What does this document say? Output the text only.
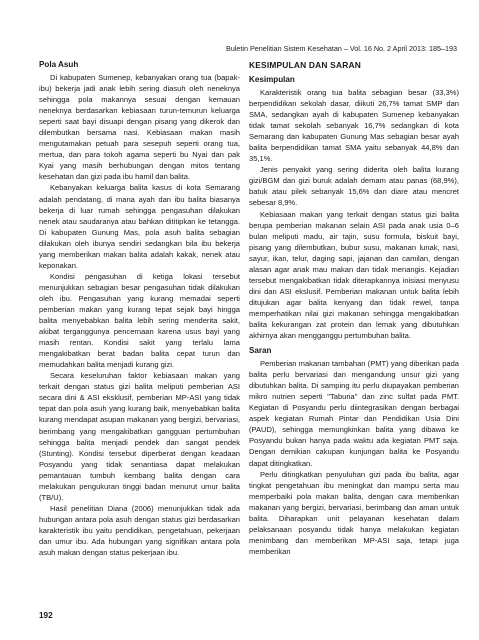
Buletin Penelitian Sistem Kesehatan – Vol. 16 No. 2 April 2013: 185–193
Pola Asuh

Di kabupaten Sumenep, kebanyakan orang tua (bapak-ibu) bekerja jadi anak lebih sering diasuh oleh neneknya sehingga pola makannya sesuai dengan kemauan neneknya berdasarkan kebiasaan turun-temurun keluarga seperti saat bayi disuapi dengan pisang yang dikerok dan dilembutkan bersama nasi. Kebiasaan makan masih mengutamakan petuah para sesepuh seperti orang tua, mertua, dan para tokoh agama seperti bu Nyai dan pak Kyai yang masih berhubungan dengan mitos tentang kesehatan dan gizi pada ibu hamil dan balita.

Kebanyakan keluarga balita kasus di kota Semarang adalah pendatang, di mana ayah dan ibu balita biasanya bekerja di luar rumah sehingga pengasuhan dilakukan nenek atau saudaranya atau bahkan dititipkan ke tetangga. Di kabupaten Gunung Mas, pola asuh balita sebagian dilakukan oleh ibunya sendiri sedangkan bila ibu bekerja yang memberikan makan balita adalah kakak, nenek atau keponakan.

Kondisi pengasuhan di ketiga lokasi tersebut menunjukkan sebagian besar pengasuhan tidak dilakukan oleh ibu. Pengasuhan yang kurang memadai seperti pemberian makan yang kurang tepat sejak bayi hingga balita menyebabkan balita lebih sering menderita sakit, akibat terganggunya pencernaan karena usus bayi yang masih rentan. Kondisi sakit yang terlalu lama mengakibatkan berat badan balita cepat turun dan memudahkan balita menjadi kurang gizi.

Secara keseluruhan faktor kebiasaan makan yang terkait dengan status gizi balita meliputi pemberian ASI secara dini & ASI eksklusif, pemberian MP-ASI yang tidak tepat dan pola asuh yang kurang baik, menyebabkan balita kurang mendapat asupan makanan yang bergizi, bervariasi, berimbang yang mengakibatkan gangguan pertumbuhan sehingga balita menjadi pendek dan sangat pendek (Stunting). Kondisi tersebut diperberat dengan keadaan Posyandu yang tidak senantiasa dapat melakukan pemantauan tumbuh kembang balita dengan cara melakukan pengukuran tinggi badan menurut umur balita (TB/U).

Hasil penelitian Diana (2006) menunjukkan tidak ada hubungan antara pola asuh dengan status gizi berdasarkan karakteristik ibu yaitu pendidikan, pengetahuan, pekerjaan dan umur ibu. Ada hubungan yang signifikan antara pola asuh makan dengan status pekerjaan ibu.

KESIMPULAN DAN SARAN
Kesimpulan

Karakteristik orang tua balita sebagian besar (33,3%) berpendidikan sekolah dasar, diikuti 26,7% tamat SMP dan SMA, sedangkan ayah di kabupaten Sumenep kebanyakan tidak tamat sekolah sebanyak 16,7% sedangkan di kota Semarang dan kabupaten Gunung Mas sebagian besar ayah balita berpendidikan tamat SMA yaitu sebanyak 44,8% dan 35,1%.

Jenis penyakit yang sering diderita oleh balita kurang gizi/BGM dan gizi buruk adalah demam atau panas (68,9%), batuk atau pilek sebanyak 15,6% dan diare atau mencret sebesar 8,9%.

Kebiasaan makan yang terkait dengan status gizi balita berupa pemberian makanan selain ASI pada anak usia 0–6 bulan meliputi madu, air tajin, susu formula, biskuit bayi, pisang yang dilembutkan, bubur susu, makanan lunak, nasi, sayur, ikan, telur, daging sapi, jajanan dan camilan, dengan alasan agar anak mau makan dan tidak menangis. Kejadian tersebut mengakibatkan tidak diterapkannya inisiasi menyusu dini dan ASI ekslusif. Pemberian makanan untuk balita lebih ditujukan agar balita kenyang dan tidak rewel, tanpa memperhatikan nilai gizi makanan sehingga mengakibatkan balita kekurangan zat protein dan lemak yang dibutuhkan akhirnya akan mengganggu pertumbuhan balita.

Saran

Pemberian makanan tambahan (PMT) yang diberikan pada balita perlu bervariasi dan mengandung unsur gizi yang dibutuhkan balita. Di samping itu perlu diupayakan pemberian mikro nutrien seperti "Taburia" dan zinc sulfat pada PMT. Kegiatan di Posyandu perlu diintegrasikan dengan berbagai aspek kegiatan Rumah Pintar dan Pendidikan Usia Dini (PAUD), sehingga memungkinkan balita yang dibawa ke Posyandu bukan hanya pada waktu ada kegiatan PMT saja. Dengan demikian cakupan kunjungan balita ke Posyandu dapat ditingkatkan.

Perlu ditingkatkan penyuluhan gizi pada ibu balita, agar tingkat pengetahuan ibu meningkat dan mampu serta mau memperbaiki pola makan balita, dengan cara memberikan makanan yang bergizi, bervariasi, berimbang dan aman untuk balita. Diharapkan unit pelayanan kesehatan dalam pelaksanaan posyandu tidak hanya melakukan kegiatan menimbang dan memberikan MP-ASI saja, tetapi juga memberikan

192
